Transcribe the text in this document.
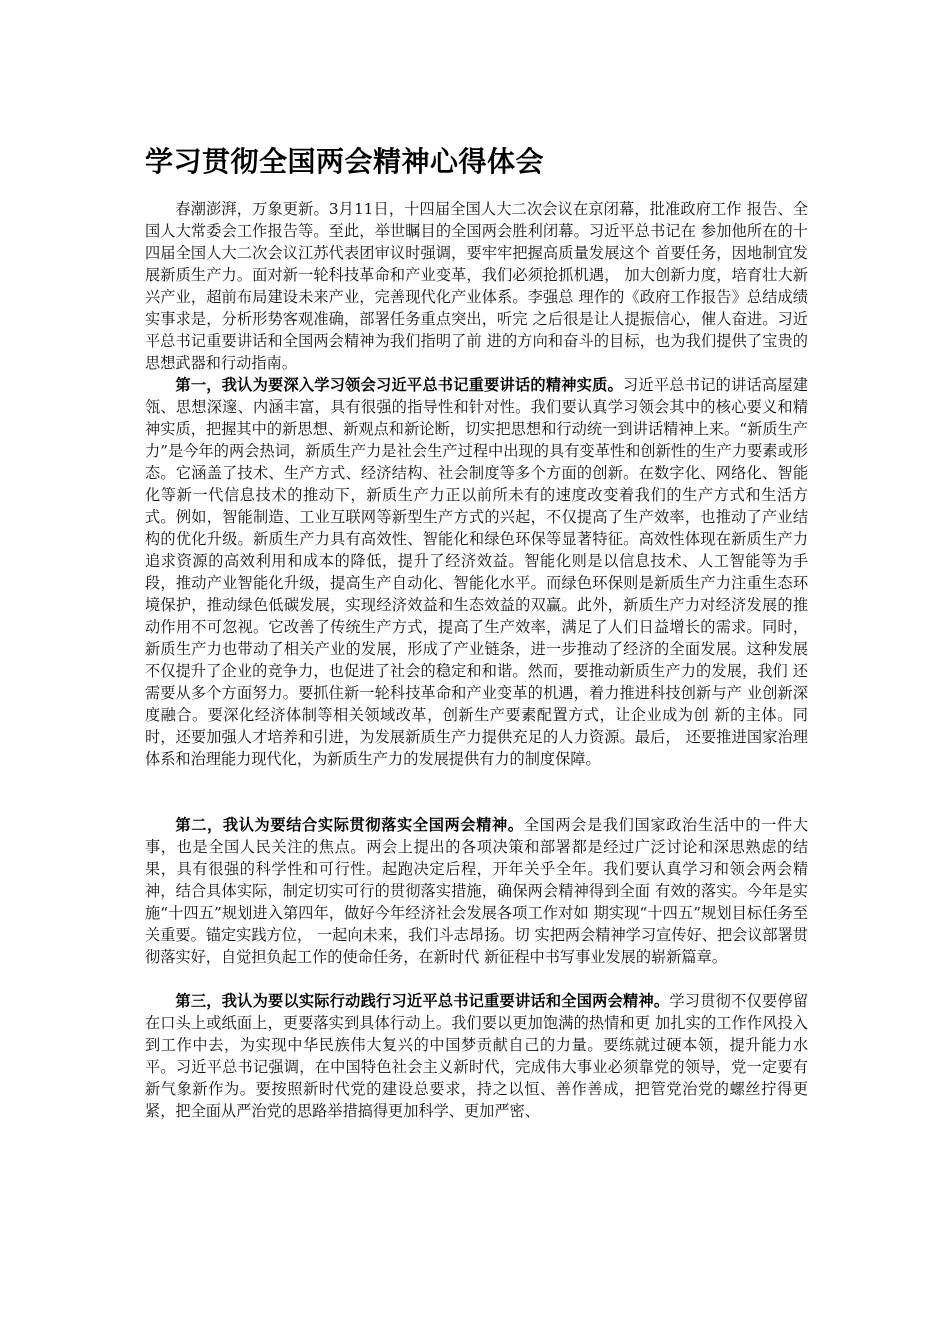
学习贯彻全国两会精神心得体会

春潮澎湃，万象更新。3月11日，十四届全国人大二次会议在京闭幕，批准政府工作 报告、全国人大常委会工作报告等。至此，举世瞩目的全国两会胜利闭幕。习近平总书记在 参加他所在的十四届全国人大二次会议江苏代表团审议时强调，要牢牢把握高质量发展这个 首要任务，因地制宜发展新质生产力。面对新一轮科技革命和产业变革，我们必须抢抓机遇， 加大创新力度，培育壮大新兴产业，超前布局建设未来产业，完善现代化产业体系。李强总 理作的《政府工作报告》总结成绩实事求是，分析形势客观准确，部署任务重点突出，听完 之后很是让人提振信心，催人奋进。习近平总书记重要讲话和全国两会精神为我们指明了前 进的方向和奋斗的目标，也为我们提供了宝贵的思想武器和行动指南。

第一，我认为要深入学习领会习近平总书记重要讲话的精神实质。习近平总书记的讲话高屋建瓴、思想深邃、内涵丰富，具有很强的指导性和针对性。我们要认真学习领会其中的核心要义和精神实质，把握其中的新思想、新观点和新论断，切实把思想和行动统一到讲话精神上来。“新质生产力”是今年的两会热词，新质生产力是社会生产过程中出现的具有变革性和创新性的生产力要素或形态。它涵盖了技术、生产方式、经济结构、社会制度等多个方面的创新。在数字化、网络化、智能化等新一代信息技术的推动下，新质生产力正以前所未有的速度改变着我们的生产方式和生活方式。例如，智能制造、工业互联网等新型生产方式的兴起，不仅提高了生产效率，也推动了产业结构的优化升级。新质生产力具有高效性、智能化和绿色环保等显著特征。高效性体现在新质生产力追求资源的高效利用和成本的降低，提升了经济效益。智能化则是以信息技术、人工智能等为手段，推动产业智能化升级，提高生产自动化、智能化水平。而绿色环保则是新质生产力注重生态环境保护，推动绿色低碳发展，实现经济效益和生态效益的双赢。此外，新质生产力对经济发展的推动作用不可忽视。它改善了传统生产方式，提高了生产效率，满足了人们日益增长的需求。同时，新质生产力也带动了相关产业的发展，形成了产业链条，进一步推动了经济的全面发展。这种发展不仅提升了企业的竞争力，也促进了社会的稳定和和谐。然而，要推动新质生产力的发展，我们 还需要从多个方面努力。要抓住新一轮科技革命和产业变革的机遇，着力推进科技创新与产 业创新深度融合。要深化经济体制等相关领域改革，创新生产要素配置方式，让企业成为创 新的主体。同时，还要加强人才培养和引进，为发展新质生产力提供充足的人力资源。最后， 还要推进国家治理体系和治理能力现代化，为新质生产力的发展提供有力的制度保障。

第二，我认为要结合实际贯彻落实全国两会精神。全国两会是我们国家政治生活中的一件大事，也是全国人民关注的焦点。两会上提出的各项决策和部署都是经过广泛讨论和深思熟虑的结果，具有很强的科学性和可行性。起跑决定后程，开年关乎全年。我们要认真学习和领会两会精神，结合具体实际，制定切实可行的贯彻落实措施，确保两会精神得到全面 有效的落实。今年是实施“十四五”规划进入第四年，做好今年经济社会发展各项工作对如 期实现“十四五”规划目标任务至关重要。锚定实践方位， 一起向未来，我们斗志昂扬。切 实把两会精神学习宣传好、把会议部署贯彻落实好，自觉担负起工作的使命任务，在新时代 新征程中书写事业发展的崭新篇章。

第三，我认为要以实际行动践行习近平总书记重要讲话和全国两会精神。学习贯彻不仅要停留在口头上或纸面上，更要落实到具体行动上。我们要以更加饱满的热情和更 加扎实的工作作风投入到工作中去，为实现中华民族伟大复兴的中国梦贡献自己的力量。要练就过硬本领，提升能力水平。习近平总书记强调，在中国特色社会主义新时代，完成伟大事业必须靠党的领导，党一定要有新气象新作为。要按照新时代党的建设总要求，持之以恒、善作善成，把管党治党的螺丝拧得更紧，把全面从严治党的思路举措搞得更加科学、更加严密、
